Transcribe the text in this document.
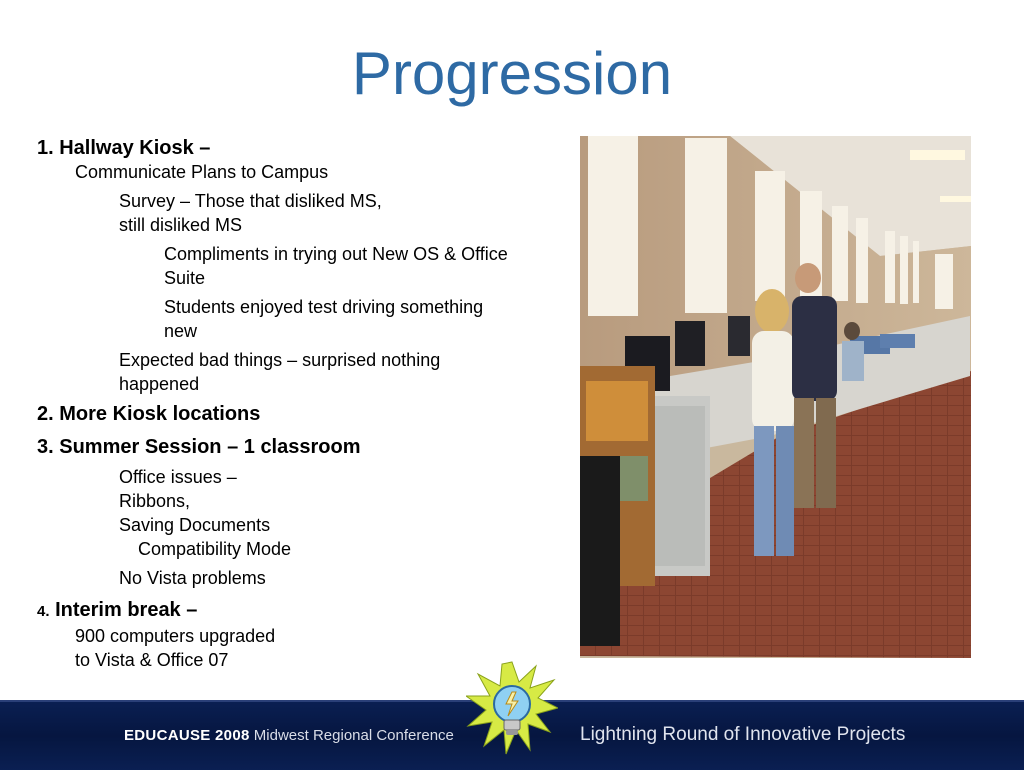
Progression
1. Hallway Kiosk –
Communicate Plans to Campus
Survey – Those that disliked MS,
still disliked MS
Compliments in trying out New OS & Office
Suite
Students enjoyed test driving something
new
Expected bad things – surprised nothing
happened
2. More Kiosk locations
3. Summer Session – 1 classroom
Office issues –
Ribbons,
Saving Documents
Compatibility Mode
No Vista problems
4. Interim break –
900 computers upgraded
to Vista & Office 07
EDUCAUSE 2008 Midwest Regional Conference	Lightning Round of Innovative Projects
